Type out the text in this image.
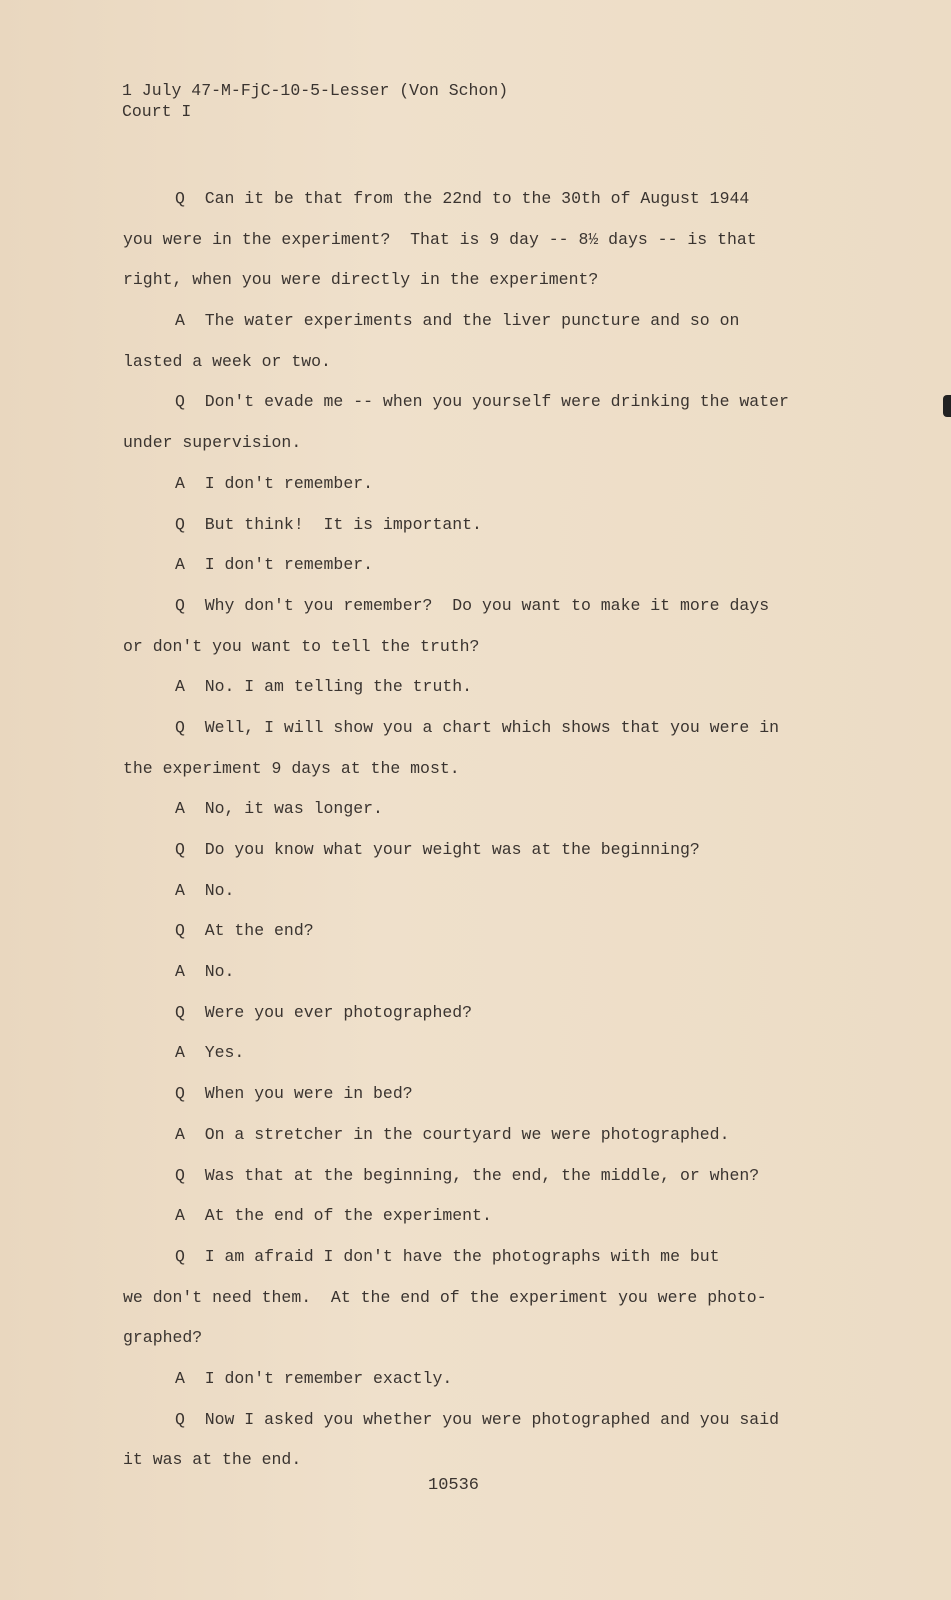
1 July 47-M-FjC-10-5-Lesser (Von Schon)
Court I
Q  Can it be that from the 22nd to the 30th of August 1944
you were in the experiment?  That is 9 day -- 8½ days -- is that
right, when you were directly in the experiment?
A  The water experiments and the liver puncture and so on
lasted a week or two.
Q  Don't evade me -- when you yourself were drinking the water
under supervision.
A  I don't remember.
Q  But think!  It is important.
A  I don't remember.
Q  Why don't you remember?  Do you want to make it more days
or don't you want to tell the truth?
A  No. I am telling the truth.
Q  Well, I will show you a chart which shows that you were in
the experiment 9 days at the most.
A  No, it was longer.
Q  Do you know what your weight was at the beginning?
A  No.
Q  At the end?
A  No.
Q  Were you ever photographed?
A  Yes.
Q  When you were in bed?
A  On a stretcher in the courtyard we were photographed.
Q  Was that at the beginning, the end, the middle, or when?
A  At the end of the experiment.
Q  I am afraid I don't have the photographs with me but
we don't need them.  At the end of the experiment you were photo-
graphed?
A  I don't remember exactly.
Q  Now I asked you whether you were photographed and you said
it was at the end.
10536
